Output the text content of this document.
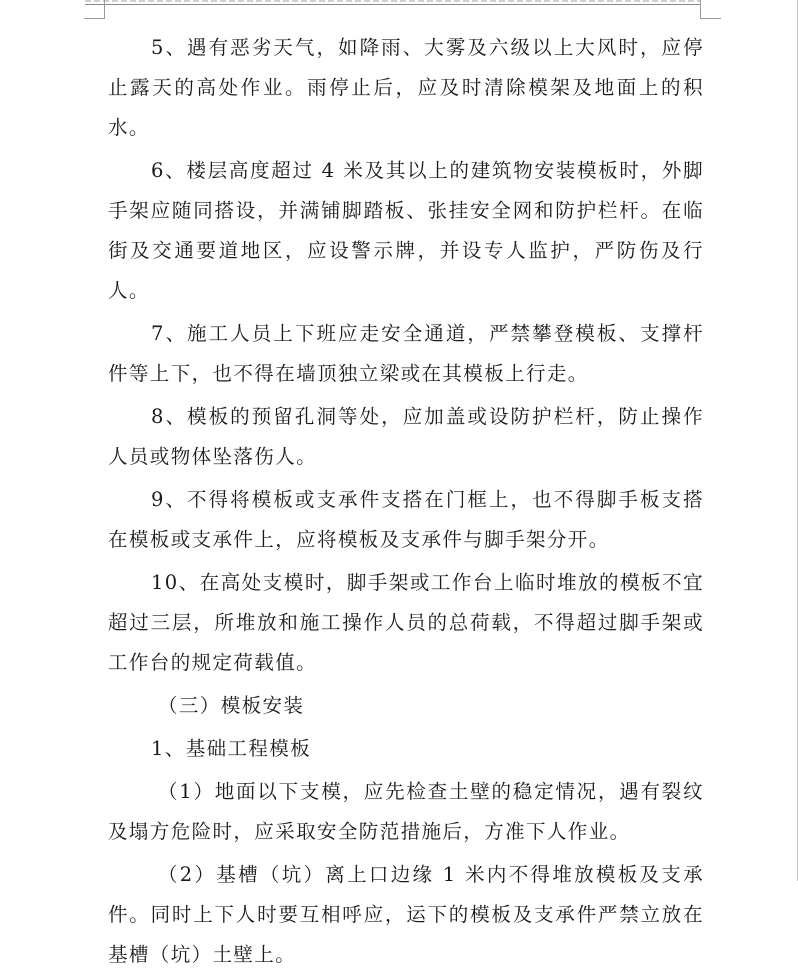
5、遇有恶劣天气，如降雨、大雾及六级以上大风时，应停止露天的高处作业。雨停止后，应及时清除模架及地面上的积水。

6、楼层高度超过 4 米及其以上的建筑物安装模板时，外脚手架应随同搭设，并满铺脚踏板、张挂安全网和防护栏杆。在临街及交通要道地区，应设警示牌，并设专人监护，严防伤及行人。

7、施工人员上下班应走安全通道，严禁攀登模板、支撑杆件等上下，也不得在墙顶独立梁或在其模板上行走。

8、模板的预留孔洞等处，应加盖或设防护栏杆，防止操作人员或物体坠落伤人。

9、不得将模板或支承件支搭在门框上，也不得脚手板支搭在模板或支承件上，应将模板及支承件与脚手架分开。

10、在高处支模时，脚手架或工作台上临时堆放的模板不宜超过三层，所堆放和施工操作人员的总荷载，不得超过脚手架或工作台的规定荷载值。

（三）模板安装

1、基础工程模板

（1）地面以下支模，应先检查土壁的稳定情况，遇有裂纹及塌方危险时，应采取安全防范措施后，方准下人作业。

（2）基槽（坑）离上口边缘 1 米内不得堆放模板及支承件。同时上下人时要互相呼应，运下的模板及支承件严禁立放在基槽（坑）土壁上。
